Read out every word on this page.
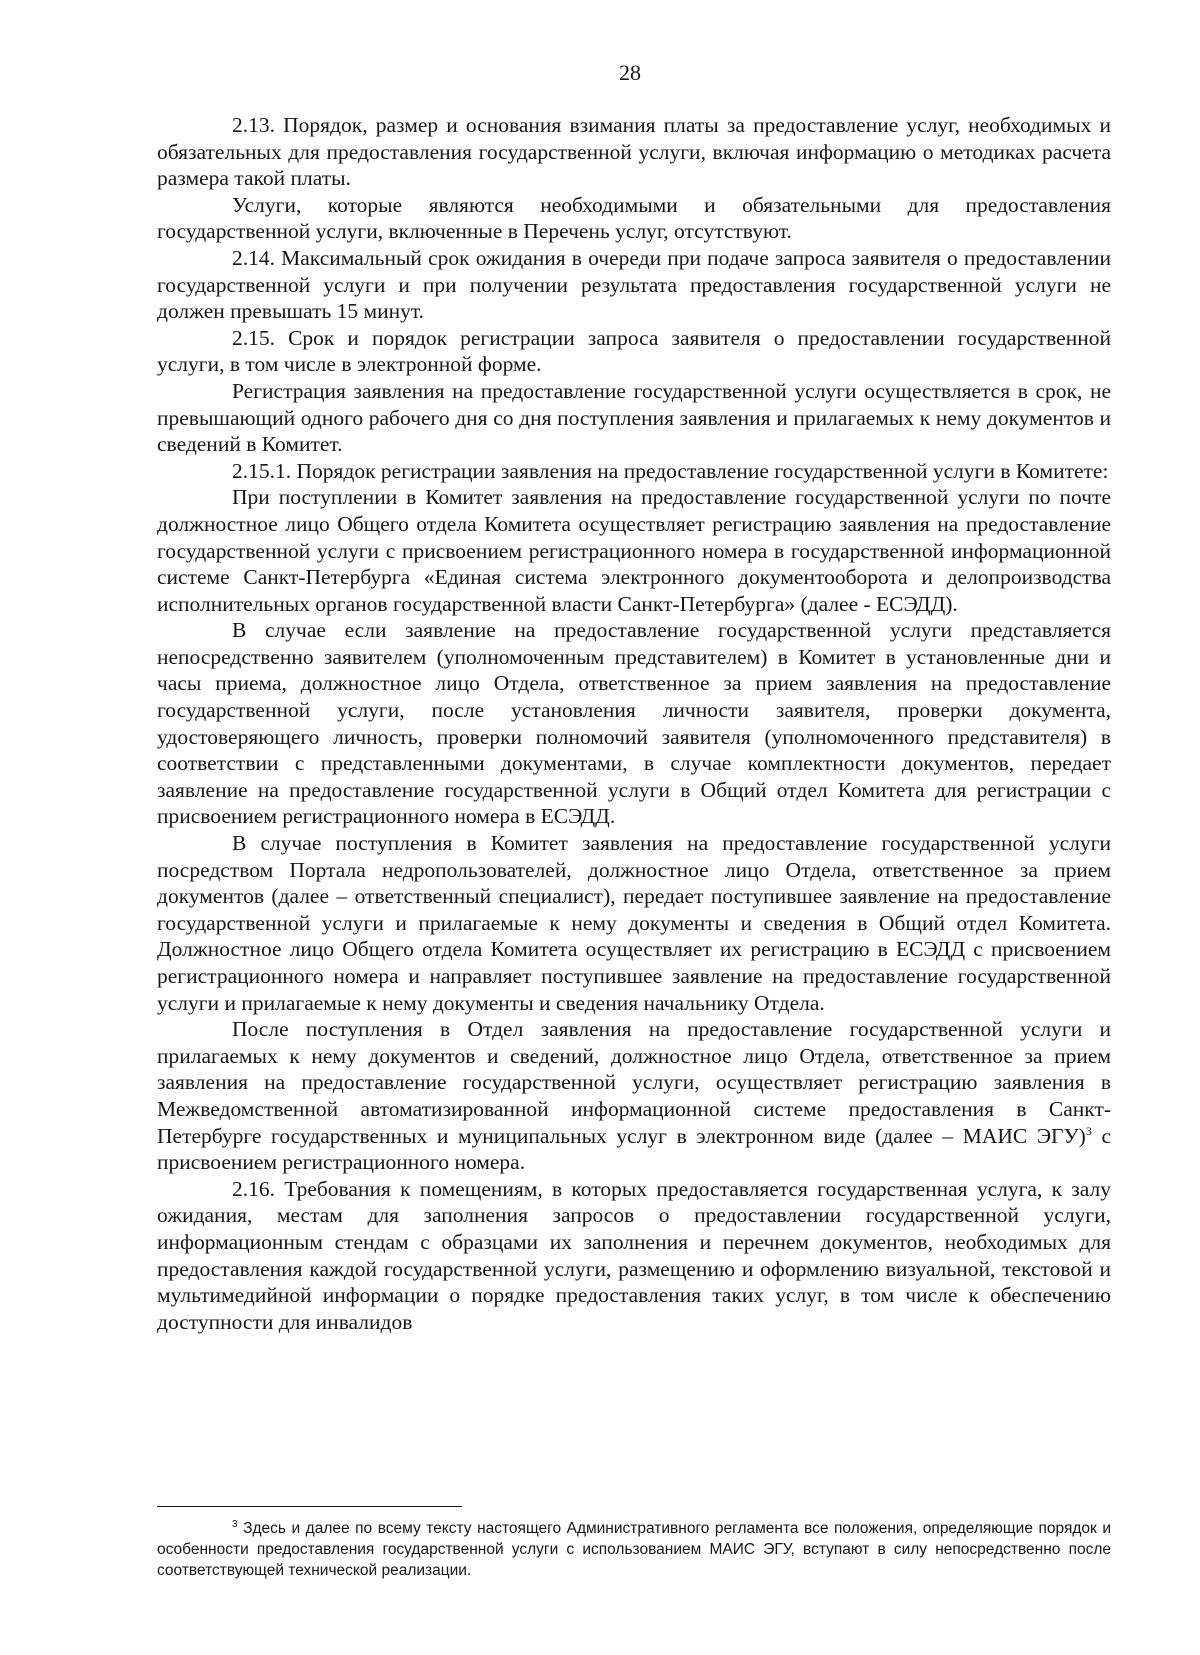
28

2.13. Порядок, размер и основания взимания платы за предоставление услуг, необходимых и обязательных для предоставления государственной услуги, включая информацию о методиках расчета размера такой платы.

Услуги, которые являются необходимыми и обязательными для предоставления государственной услуги, включенные в Перечень услуг, отсутствуют.

2.14. Максимальный срок ожидания в очереди при подаче запроса заявителя о предоставлении государственной услуги и при получении результата предоставления государственной услуги не должен превышать 15 минут.

2.15. Срок и порядок регистрации запроса заявителя о предоставлении государственной услуги, в том числе в электронной форме.

Регистрация заявления на предоставление государственной услуги осуществляется в срок, не превышающий одного рабочего дня со дня поступления заявления и прилагаемых к нему документов и сведений в Комитет.

2.15.1. Порядок регистрации заявления на предоставление государственной услуги в Комитете:

При поступлении в Комитет заявления на предоставление государственной услуги по почте должностное лицо Общего отдела Комитета осуществляет регистрацию заявления на предоставление государственной услуги с присвоением регистрационного номера в государственной информационной системе Санкт-Петербурга «Единая система электронного документооборота и делопроизводства исполнительных органов государственной власти Санкт-Петербурга» (далее - ЕСЭДД).

В случае если заявление на предоставление государственной услуги представляется непосредственно заявителем (уполномоченным представителем) в Комитет в установленные дни и часы приема, должностное лицо Отдела, ответственное за прием заявления на предоставление государственной услуги, после установления личности заявителя, проверки документа, удостоверяющего личность, проверки полномочий заявителя (уполномоченного представителя) в соответствии с представленными документами, в случае комплектности документов, передает заявление на предоставление государственной услуги в Общий отдел Комитета для регистрации с присвоением регистрационного номера в ЕСЭДД.

В случае поступления в Комитет заявления на предоставление государственной услуги посредством Портала недропользователей, должностное лицо Отдела, ответственное за прием документов (далее – ответственный специалист), передает поступившее заявление на предоставление государственной услуги и прилагаемые к нему документы и сведения в Общий отдел Комитета. Должностное лицо Общего отдела Комитета осуществляет их регистрацию в ЕСЭДД с присвоением регистрационного номера и направляет поступившее заявление на предоставление государственной услуги и прилагаемые к нему документы и сведения начальнику Отдела.

После поступления в Отдел заявления на предоставление государственной услуги и прилагаемых к нему документов и сведений, должностное лицо Отдела, ответственное за прием заявления на предоставление государственной услуги, осуществляет регистрацию заявления в Межведомственной автоматизированной информационной системе предоставления в Санкт-Петербурге государственных и муниципальных услуг в электронном виде (далее – МАИС ЭГУ)$^3$ с присвоением регистрационного номера.

2.16. Требования к помещениям, в которых предоставляется государственная услуга, к залу ожидания, местам для заполнения запросов о предоставлении государственной услуги, информационным стендам с образцами их заполнения и перечнем документов, необходимых для предоставления каждой государственной услуги, размещению и оформлению визуальной, текстовой и мультимедийной информации о порядке предоставления таких услуг, в том числе к обеспечению доступности для инвалидов

$^3$ Здесь и далее по всему тексту настоящего Административного регламента все положения, определяющие порядок и особенности предоставления государственной услуги с использованием МАИС ЭГУ, вступают в силу непосредственно после соответствующей технической реализации.
